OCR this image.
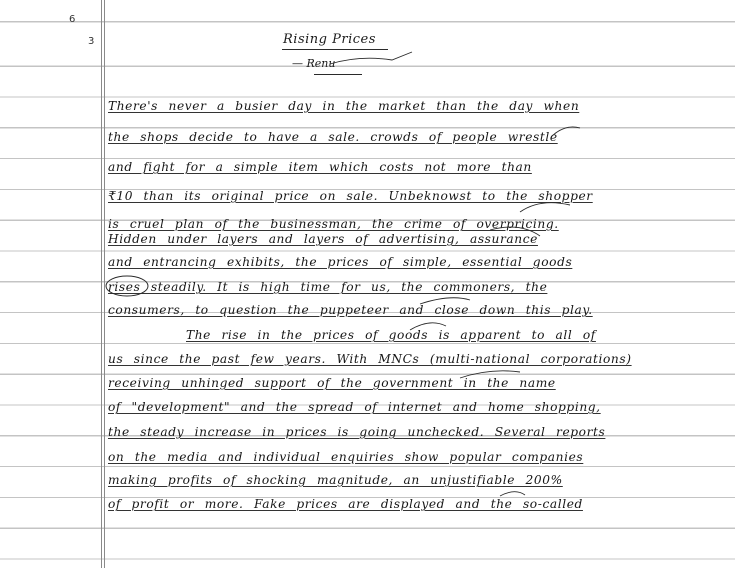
6
3	Rising Prices
— Renu
There's never a busier day in the market than the day when
the shops decide to have a sale. crowds of people wrestle
and fight for a simple item which costs not more than
₹10 than its original price on sale. Unbeknowst to the shopper
is cruel plan of the businessman, the crime of overpricing.
Hidden under layers and layers of advertising, assurance
and entrancing exhibits, the prices of simple, essential goods
rises steadily. It is high time for us, the commoners, the
consumers, to question the puppeteer and close down this play.
The rise in the prices of goods is apparent to all of
us since the past few years. With MNCs (multi-national corporations)
receiving unhinged support of the government in the name
of "development" and the spread of internet and home shopping,
the steady increase in prices is going unchecked. Several reports
on the media and individual enquiries show popular companies
making profits of shocking magnitude, an unjustifiable 200%
of profit or more. Fake prices are displayed and the so-called
